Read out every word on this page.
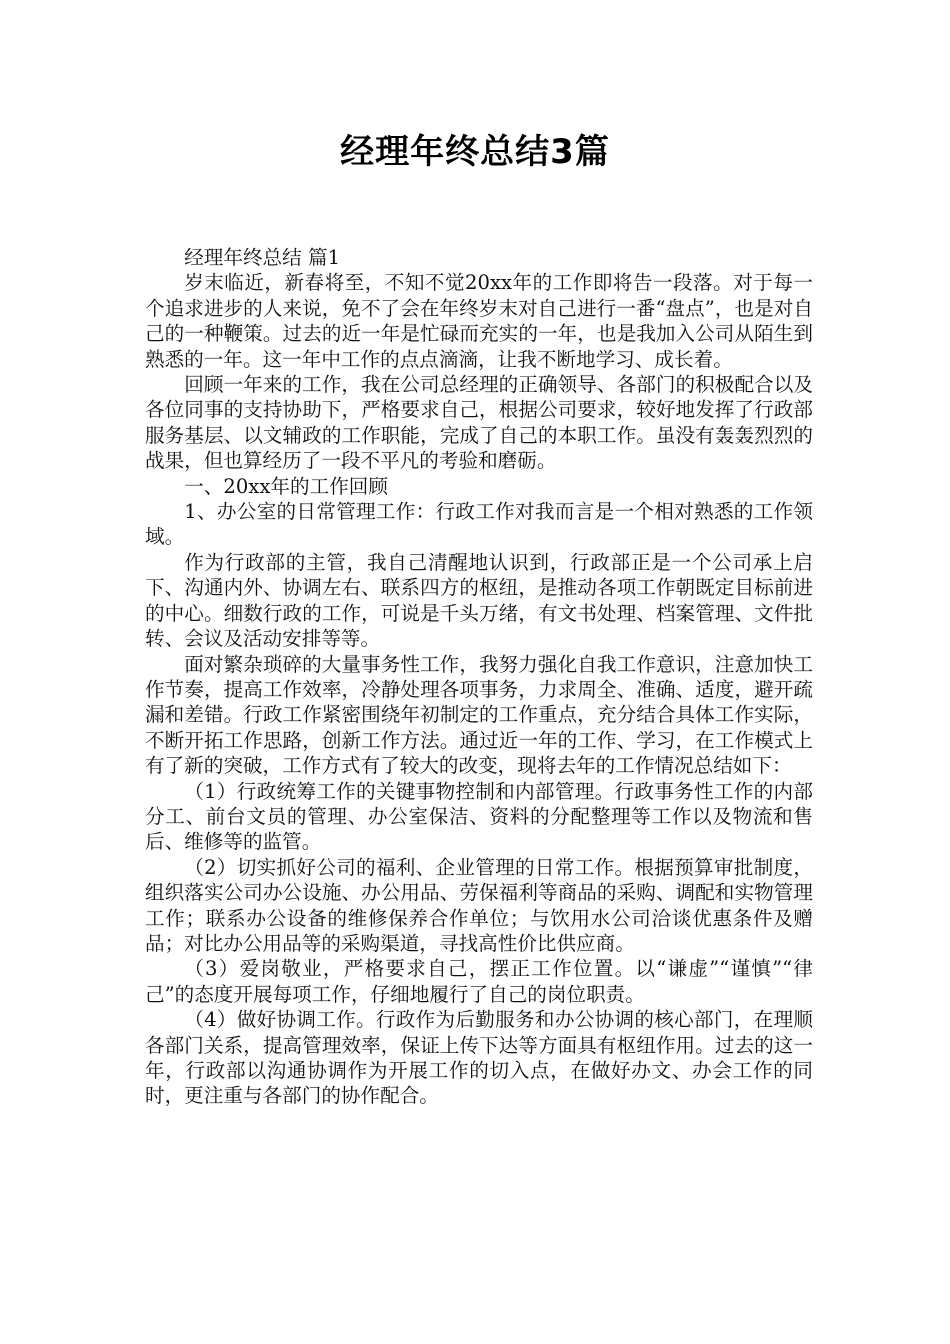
经理年终总结3篇

经理年终总结 篇1

岁末临近，新春将至，不知不觉20xx年的工作即将告一段落。对于每一个追求进步的人来说，免不了会在年终岁末对自己进行一番“盘点”，也是对自己的一种鞭策。过去的近一年是忙碌而充实的一年，也是我加入公司从陌生到熟悉的一年。这一年中工作的点点滴滴，让我不断地学习、成长着。

回顾一年来的工作，我在公司总经理的正确领导、各部门的积极配合以及各位同事的支持协助下，严格要求自己，根据公司要求，较好地发挥了行政部服务基层、以文辅政的工作职能，完成了自己的本职工作。虽没有轰轰烈烈的战果，但也算经历了一段不平凡的考验和磨砺。

一、20xx年的工作回顾

1、办公室的日常管理工作：行政工作对我而言是一个相对熟悉的工作领域。

作为行政部的主管，我自己清醒地认识到，行政部正是一个公司承上启下、沟通内外、协调左右、联系四方的枢纽，是推动各项工作朝既定目标前进的中心。细数行政的工作，可说是千头万绪，有文书处理、档案管理、文件批转、会议及活动安排等等。

面对繁杂琐碎的大量事务性工作，我努力强化自我工作意识，注意加快工作节奏，提高工作效率，冷静处理各项事务，力求周全、准确、适度，避开疏漏和差错。行政工作紧密围绕年初制定的工作重点，充分结合具体工作实际，不断开拓工作思路，创新工作方法。通过近一年的工作、学习，在工作模式上有了新的突破，工作方式有了较大的改变，现将去年的工作情况总结如下：

（1）行政统筹工作的关键事物控制和内部管理。行政事务性工作的内部分工、前台文员的管理、办公室保洁、资料的分配整理等工作以及物流和售后、维修等的监管。

（2）切实抓好公司的福利、企业管理的日常工作。根据预算审批制度，组织落实公司办公设施、办公用品、劳保福利等商品的采购、调配和实物管理工作；联系办公设备的维修保养合作单位；与饮用水公司洽谈优惠条件及赠品；对比办公用品等的采购渠道，寻找高性价比供应商。

（3）爱岗敬业，严格要求自己，摆正工作位置。以“谦虚”“谨慎”“律己”的态度开展每项工作，仔细地履行了自己的岗位职责。

（4）做好协调工作。行政作为后勤服务和办公协调的核心部门，在理顺各部门关系，提高管理效率，保证上传下达等方面具有枢纽作用。过去的这一年，行政部以沟通协调作为开展工作的切入点，在做好办文、办会工作的同时，更注重与各部门的协作配合。
